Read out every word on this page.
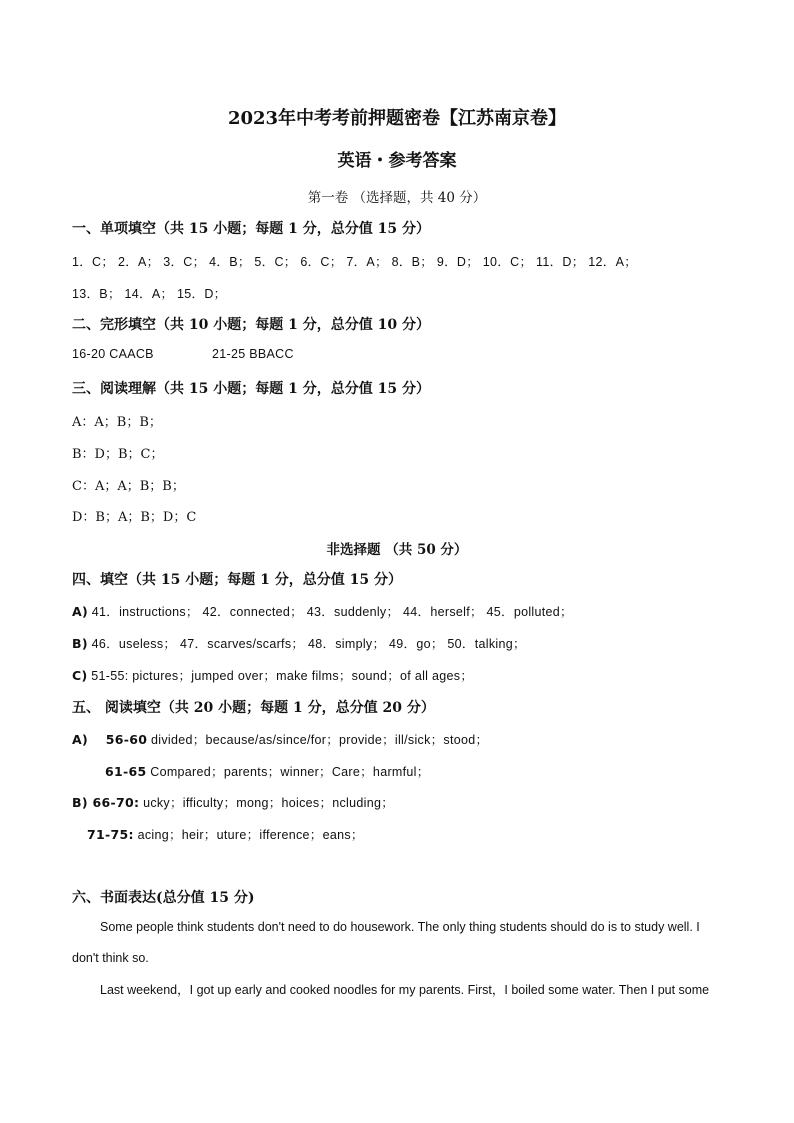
2023年中考考前押题密卷【江苏南京卷】
英语・参考答案
第一卷 （选择题，共 40 分）
一、单项填空（共 15 小题；每题 1 分，总分值 15 分）
1．C； 2．A； 3．C； 4．B； 5．C； 6．C； 7．A； 8．B； 9．D； 10．C； 11．D； 12．A；
13．B； 14．A； 15．D；
二、完形填空（共 10 小题；每题 1 分，总分值 10 分）
16-20 CAACB	21-25 BBACC
三、阅读理解（共 15 小题；每题 1 分，总分值 15 分）
A：A；B；B；
B：D；B；C；
C：A；A；B；B；
D：B；A；B；D；C
非选择题 （共 50 分）
四、填空（共 15 小题；每题 1 分，总分值 15 分）
A) 41．instructions； 42．connected； 43．suddenly； 44．herself； 45．polluted；
B) 46．useless； 47．scarves/scarfs； 48．simply； 49．go； 50．talking；
C) 51-55: pictures；jumped over；make films；sound；of all ages；
五、 阅读填空（共 20 小题；每题 1 分，总分值 20 分）
A) 56-60 divided；because/as/since/for；provide；ill/sick；stood；
61-65 Compared；parents；winner；Care；harmful；
B) 66-70: ucky；ifficulty；mong；hoices；ncluding；
71-75: acing；heir；uture；ifference；eans；
六、书面表达(总分值 15 分)
Some people think students don't need to do housework. The only thing students should do is to study well. I don't think so.
Last weekend，I got up early and cooked noodles for my parents. First，I boiled some water. Then I put some
